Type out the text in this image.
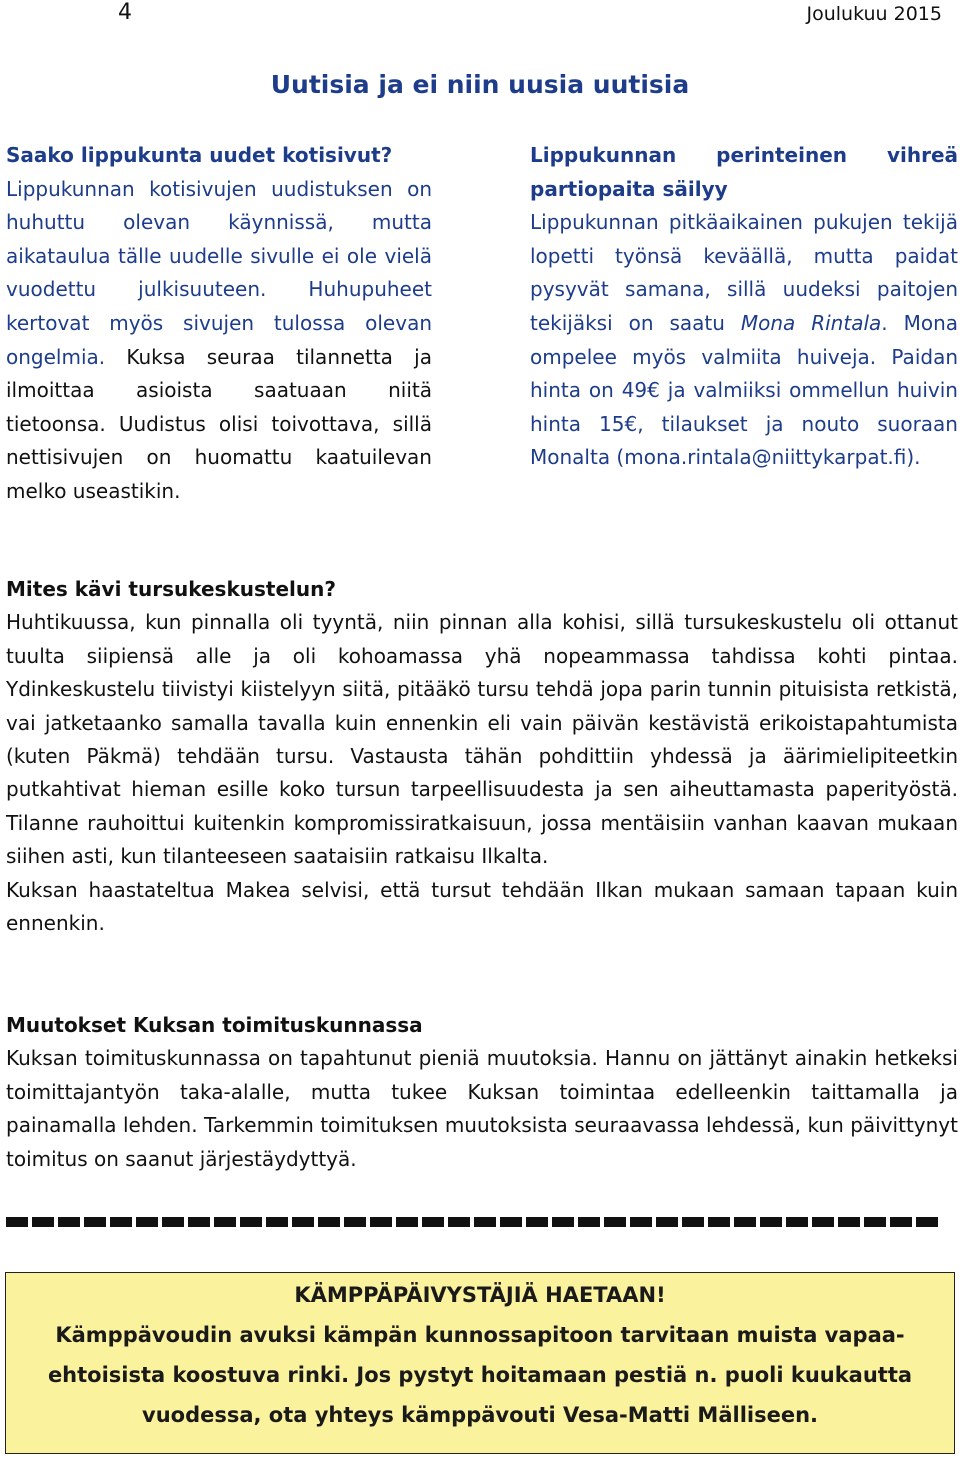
4	Joulukuu 2015
Uutisia ja ei niin uusia uutisia

Saako lippukunta uudet kotisivut?

Lippukunnan kotisivujen uudistuksen on huhuttu olevan käynnissä, mutta aikataulua tälle uudelle sivulle ei ole vielä vuodettu julkisuuteen. Huhupuheet kertovat myös sivujen tulossa olevan ongelmia. Kuksa seuraa tilannetta ja ilmoittaa asioista saatuaan niitä tietoonsa. Uudistus olisi toivottava, sillä nettisivujen on huomattu kaatuilevan melko useastikin.

Lippukunnan perinteinen vihreä partiopaita säilyy

Lippukunnan pitkäaikainen pukujen tekijä lopetti työnsä keväällä, mutta paidat pysyvät samana, sillä uudeksi paitojen tekijäksi on saatu Mona Rintala. Mona ompelee myös valmiita huiveja. Paidan hinta on 49€ ja valmiiksi ommellun huivin hinta 15€, tilaukset ja nouto suoraan Monalta (mona.rintala@niittykarpat.fi).

Mites kävi tursukeskustelun?

Huhtikuussa, kun pinnalla oli tyyntä, niin pinnan alla kohisi, sillä tursukeskustelu oli ottanut tuulta siipiensä alle ja oli kohoamassa yhä nopeammassa tahdissa kohti pintaa. Ydinkeskustelu tiivistyi kiistelyyn siitä, pitääkö tursu tehdä jopa parin tunnin pituisista retkistä, vai jatketaanko samalla tavalla kuin ennenkin eli vain päivän kestävistä erikoistapahtumista (kuten Päkmä) tehdään tursu. Vastausta tähän pohdittiin yhdessä ja äärimielipiteetkin putkahtivat hieman esille koko tursun tarpeellisuudesta ja sen aiheuttamasta paperityöstä. Tilanne rauhoittui kuitenkin kompromissiratkaisuun, jossa mentäisiin vanhan kaavan mukaan siihen asti, kun tilanteeseen saataisiin ratkaisu Ilkalta.

Kuksan haastateltua Makea selvisi, että tursut tehdään Ilkan mukaan samaan tapaan kuin ennenkin.

Muutokset Kuksan toimituskunnassa

Kuksan toimituskunnassa on tapahtunut pieniä muutoksia. Hannu on jättänyt ainakin hetkeksi toimittajantyön taka-alalle, mutta tukee Kuksan toimintaa edelleenkin taittamalla ja painamalla lehden. Tarkemmin toimituksen muutoksista seuraavassa lehdessä, kun päivittynyt toimitus on saanut järjestäydyttyä.

KÄMPPÄPÄIVYSTÄJIÄ HAETAAN!
Kämppävoudin avuksi kämpän kunnossapitoon tarvitaan muista vapaaehtoisista koostuva rinki. Jos pystyt hoitamaan pestiä n. puoli kuukautta vuodessa, ota yhteys kämppävouti Vesa-Matti Mälliseen.
